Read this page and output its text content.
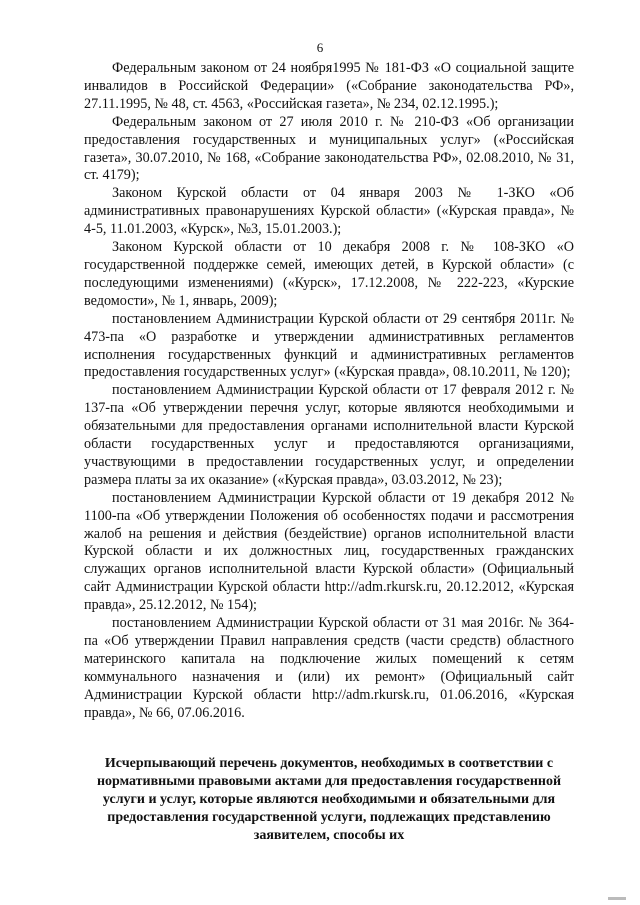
6

Федеральным законом от 24 ноября1995 № 181-ФЗ «О социальной защите инвалидов в Российской Федерации» («Собрание законодательства РФ», 27.11.1995, № 48, ст. 4563, «Российская газета», № 234, 02.12.1995.);

Федеральным законом от 27 июля 2010 г. № 210-ФЗ «Об организации предоставления государственных и муниципальных услуг» («Российская газета», 30.07.2010, № 168, «Собрание законодательства РФ», 02.08.2010, № 31, ст. 4179);

Законом Курской области от 04 января 2003 № 1-ЗКО «Об административных правонарушениях Курской области» («Курская правда», № 4-5, 11.01.2003, «Курск», №3, 15.01.2003.);

Законом Курской области от 10 декабря 2008 г. № 108-ЗКО «О государственной поддержке семей, имеющих детей, в Курской области» (с последующими изменениями) («Курск», 17.12.2008, № 222-223, «Курские ведомости», № 1, январь, 2009);

постановлением Администрации Курской области от 29 сентября 2011г. № 473-па «О разработке и утверждении административных регламентов исполнения государственных функций и административных регламентов предоставления государственных услуг» («Курская правда», 08.10.2011, № 120);

постановлением Администрации Курской области от 17 февраля 2012 г. № 137-па «Об утверждении перечня услуг, которые являются необходимыми и обязательными для предоставления органами исполнительной власти Курской области государственных услуг и предоставляются организациями, участвующими в предоставлении государственных услуг, и определении размера платы за их оказание» («Курская правда», 03.03.2012, № 23);

постановлением Администрации Курской области от 19 декабря 2012 № 1100-па «Об утверждении Положения об особенностях подачи и рассмотрения жалоб на решения и действия (бездействие) органов исполнительной власти Курской области и их должностных лиц, государственных гражданских служащих органов исполнительной власти Курской области» (Официальный сайт Администрации Курской области http://adm.rkursk.ru, 20.12.2012, «Курская правда», 25.12.2012, № 154);

постановлением Администрации Курской области от 31 мая 2016г. № 364-па «Об утверждении Правил направления средств (части средств) областного материнского капитала на подключение жилых помещений к сетям коммунального назначения и (или) их ремонт» (Официальный сайт Администрации Курской области http://adm.rkursk.ru, 01.06.2016, «Курская правда», № 66, 07.06.2016.

Исчерпывающий перечень документов, необходимых в соответствии с нормативными правовыми актами для предоставления государственной услуги и услуг, которые являются необходимыми и обязательными для предоставления государственной услуги, подлежащих представлению заявителем, способы их
